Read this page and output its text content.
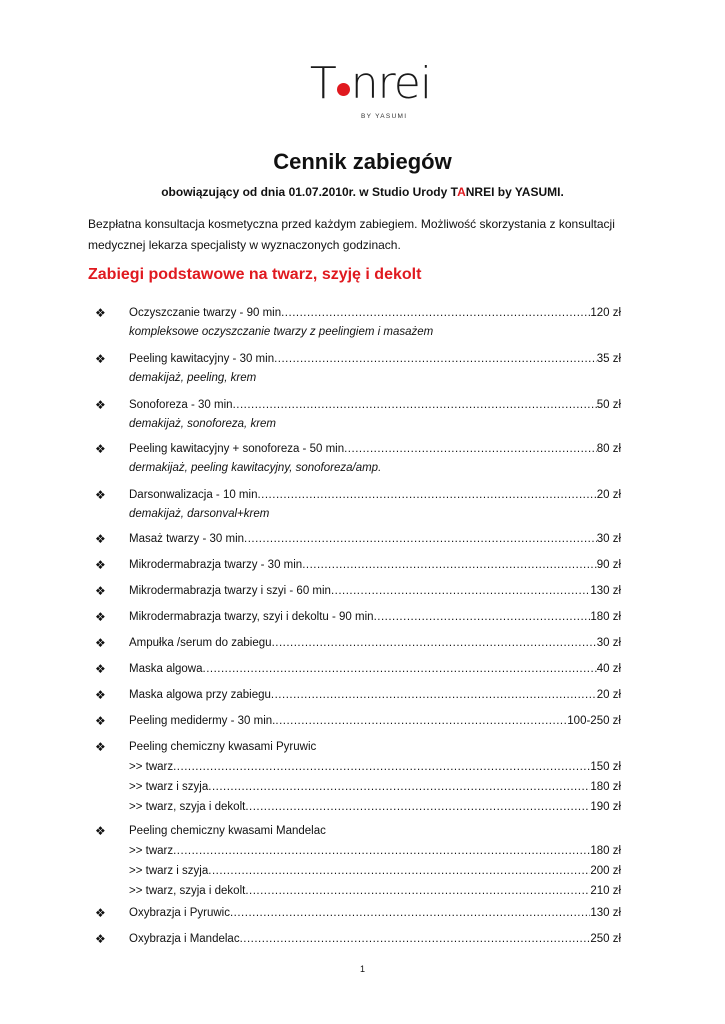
T nrei
BY YASUMI
Cennik zabiegów
obowiązujący od dnia 01.07.2010r. w Studio Urody TANREI by YASUMI.
Bezpłatna konsultacja kosmetyczna przed każdym zabiegiem. Możliwość skorzystania z konsultacji medycznej lekarza specjalisty w wyznaczonych godzinach.
Zabiegi podstawowe na twarz, szyję i dekolt
❖ Oczyszczanie twarzy - 90 min .....	120 zł
kompleksowe oczyszczanie twarzy z peelingiem i masażem
❖ Peeling kawitacyjny - 30 min .....	35 zł
demakijaż, peeling, krem
❖ Sonoforeza - 30 min .....	50 zł
demakijaż, sonoforeza, krem
❖ Peeling kawitacyjny + sonoforeza - 50 min .....	80 zł
dermakijaż, peeling kawitacyjny, sonoforeza/amp.
❖ Darsonwalizacja - 10 min .....	20 zł
demakijaż, darsonval+krem
❖ Masaż twarzy - 30 min .....	30 zł
❖ Mikrodermabrazja twarzy - 30 min .....	90 zł
❖ Mikrodermabrazja twarzy i szyi - 60 min .....	130 zł
❖ Mikrodermabrazja twarzy, szyi i dekoltu - 90 min .....	180 zł
❖ Ampułka /serum do zabiegu .....	30 zł
❖ Maska algowa .....	40 zł
❖ Maska algowa przy zabiegu .....	20 zł
❖ Peeling medidermy - 30 min. .....	100-250 zł
❖ Peeling chemiczny kwasami Pyruwic
>> twarz .....	150 zł
>> twarz i szyja .....	180 zł
>> twarz, szyja i dekolt .....	190 zł
❖ Peeling chemiczny kwasami Mandelac
>> twarz .....	180 zł
>> twarz i szyja .....	200 zł
>> twarz, szyja i dekolt .....	210 zł
❖ Oxybrazja i Pyruwic .....	130 zł
❖ Oxybrazja i Mandelac .....	250 zł
1
